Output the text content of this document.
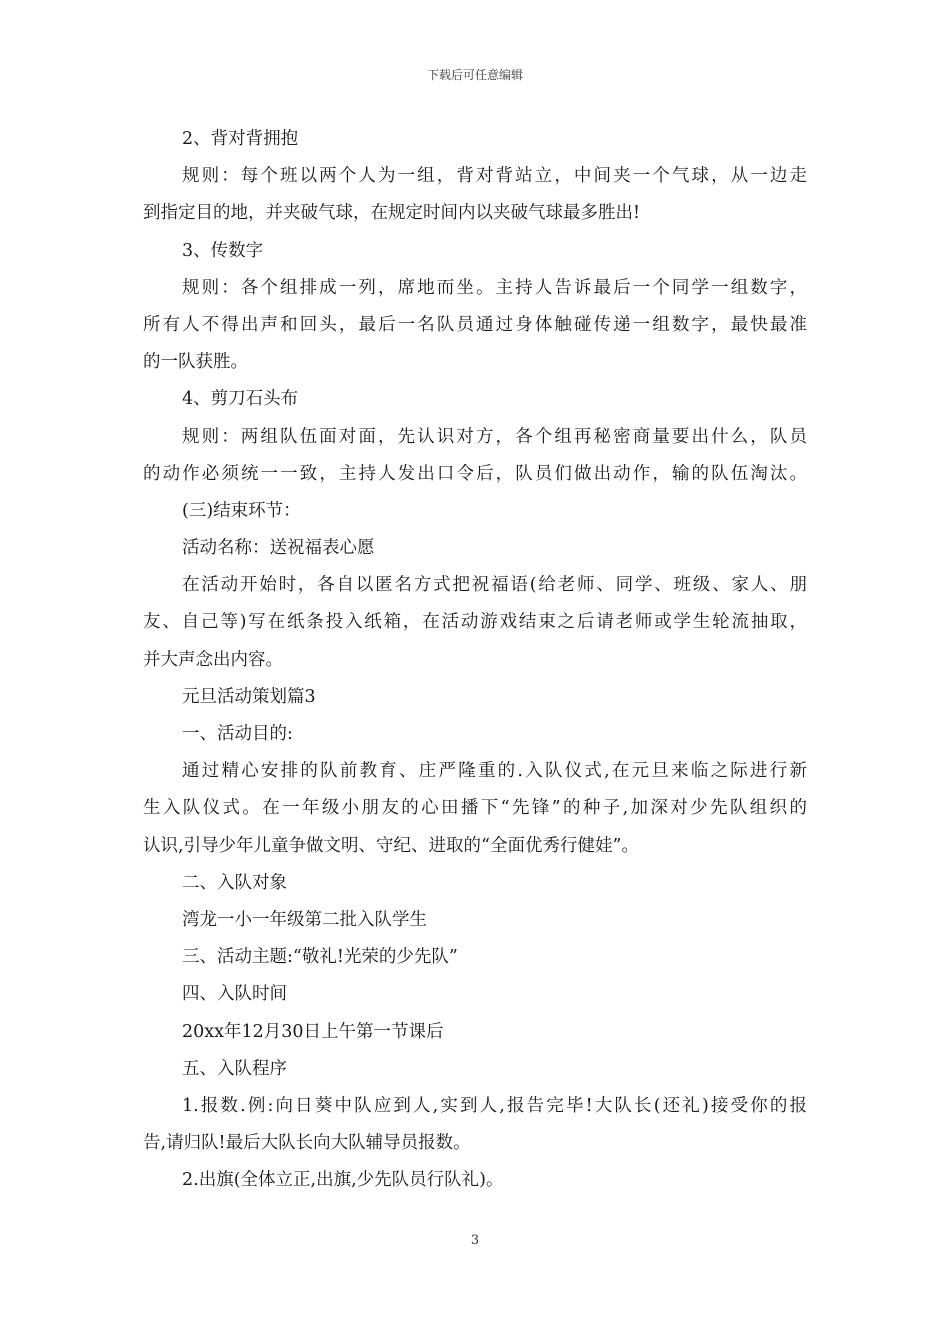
下载后可任意编辑
2、背对背拥抱
规则：每个班以两个人为一组，背对背站立，中间夹一个气球，从一边走
到指定目的地，并夹破气球，在规定时间内以夹破气球最多胜出!
3、传数字
规则：各个组排成一列，席地而坐。主持人告诉最后一个同学一组数字，
所有人不得出声和回头，最后一名队员通过身体触碰传递一组数字，最快最准
的一队获胜。
4、剪刀石头布
规则：两组队伍面对面，先认识对方，各个组再秘密商量要出什么，队员
的动作必须统一一致，主持人发出口令后，队员们做出动作，输的队伍淘汰。
(三)结束环节：
活动名称：送祝福表心愿
在活动开始时，各自以匿名方式把祝福语(给老师、同学、班级、家人、朋
友、自己等)写在纸条投入纸箱，在活动游戏结束之后请老师或学生轮流抽取，
并大声念出内容。
元旦活动策划篇3
一、活动目的:
通过精心安排的队前教育、庄严隆重的.入队仪式,在元旦来临之际进行新
生入队仪式。在一年级小朋友的心田播下“先锋”的种子,加深对少先队组织的
认识,引导少年儿童争做文明、守纪、进取的“全面优秀行健娃”。
二、入队对象
湾龙一小一年级第二批入队学生
三、活动主题:“敬礼!光荣的少先队”
四、入队时间
20xx年12月30日上午第一节课后
五、入队程序
1.报数.例:向日葵中队应到人,实到人,报告完毕!大队长(还礼)接受你的报
告,请归队!最后大队长向大队辅导员报数。
2.出旗(全体立正,出旗,少先队员行队礼)。
3
